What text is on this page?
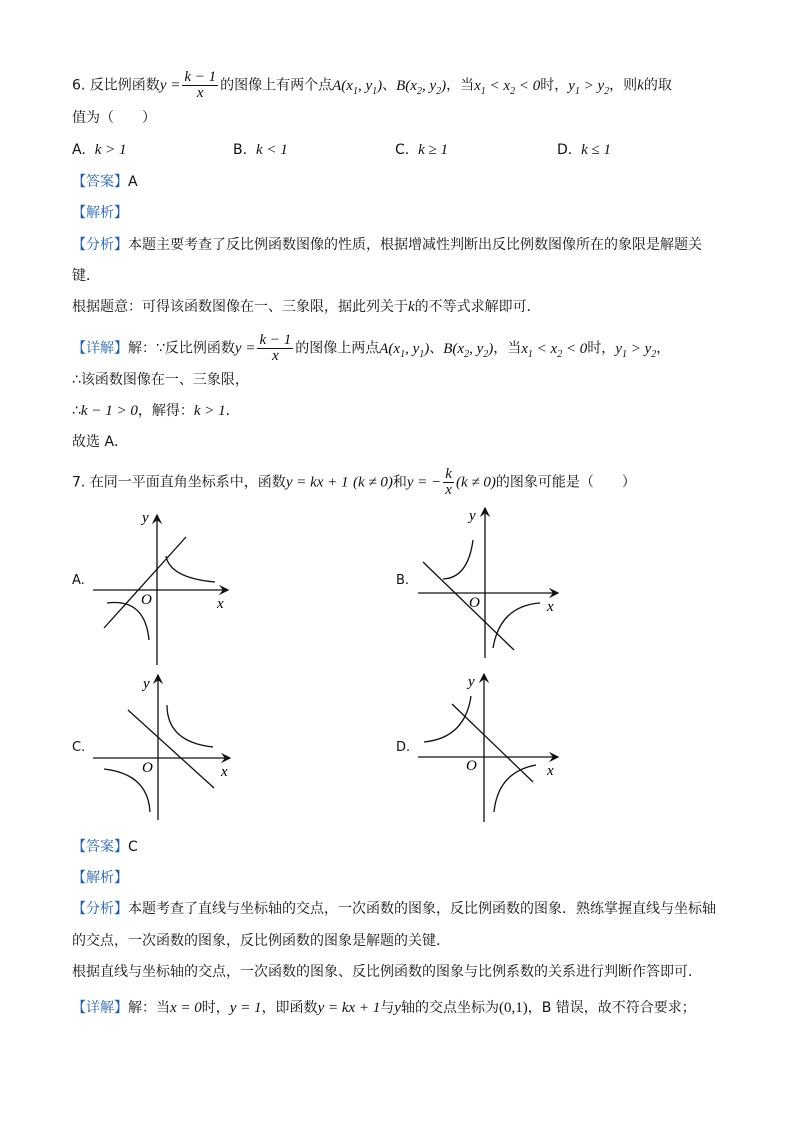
6. 反比例函数$y = \frac{k - 1}{x}$ 的图像上有两个点$A(x_1$, $y_1$)、$B(x_2$, $y_2$)，当$x_1 < x_2 < 0$时，$y_1 > y_2$，则k的取
值为（　　）
A. k > 1	B. k < 1	C. k ≥ 1	D. k ≤ 1
【答案】A
【解析】
【分析】本题主要考查了反比例函数图像的性质，根据增减性判断出反比例数图像所在的象限是解题关
键．
根据题意：可得该函数图像在一、三象限，据此列关于k的不等式求解即可．
【详解】解：∵反比例函数$y = \frac{k - 1}{x}$ 的图像上两点$A(x_1$, $y_1$)、$B(x_2$, $y_2$)，当$x_1 < x_2 < 0$时，$y_1 > y_2$，
∴该函数图像在一、三象限，
∴k − 1 > 0，解得：k > 1．
故选 A．
7. 在同一平面直角坐标系中，函数y = kx + 1 (k ≠ 0)和y = − $\frac{k}{x} (k \ne 0)$的图象可能是（　　）
A.	B.
C.	D.
x
y
O	x
y
O
x
y
O	x
y
O
【答案】C
【解析】
【分析】本题考查了直线与坐标轴的交点，一次函数的图象，反比例函数的图象．熟练掌握直线与坐标轴
的交点，一次函数的图象，反比例函数的图象是解题的关键．
根据直线与坐标轴的交点，一次函数的图象、反比例函数的图象与比例系数的关系进行判断作答即可．
【详解】解：当x = 0时，y = 1，即函数y = kx + 1与y轴的交点坐标为(0,1)，B 错误，故不符合要求；
